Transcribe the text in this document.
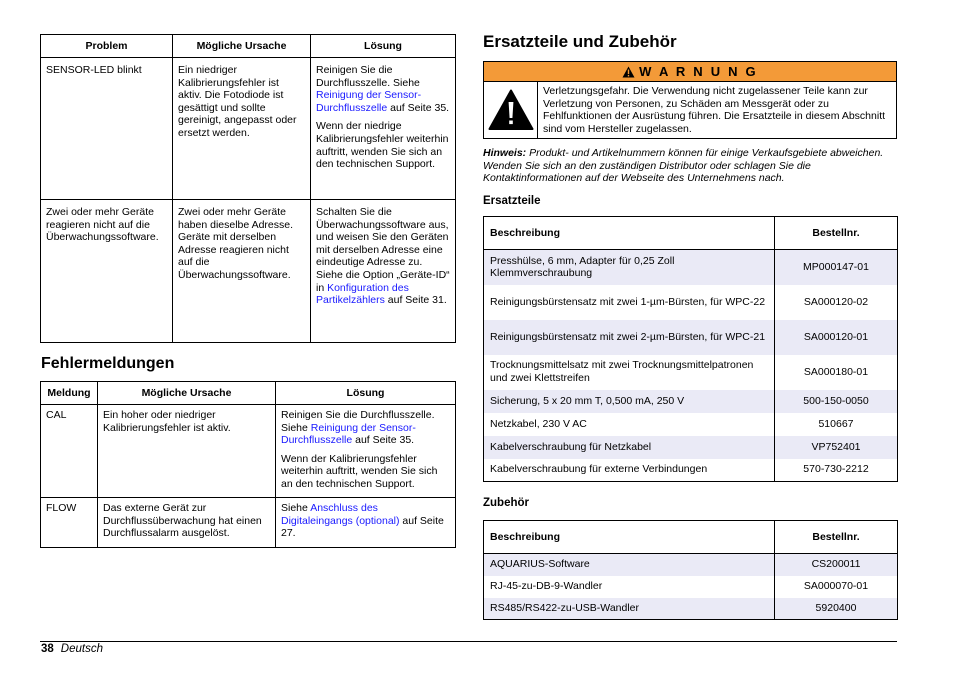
Problem	Mögliche Ursache	Lösung
SENSOR-LED blinkt	Ein niedriger Kalibrierungsfehler ist aktiv. Die Fotodiode ist gesättigt und sollte gereinigt, angepasst oder ersetzt werden.	Reinigen Sie die Durchflusszelle. Siehe Reinigung der Sensor-Durchflusszelle auf Seite 35.

Wenn der niedrige Kalibrierungsfehler weiterhin auftritt, wenden Sie sich an den technischen Support.

Zwei oder mehr Geräte reagieren nicht auf die Überwachungssoftware.	Zwei oder mehr Geräte haben dieselbe Adresse. Geräte mit derselben Adresse reagieren nicht auf die Überwachungssoftware.	Schalten Sie die Überwachungssoftware aus, und weisen Sie den Geräten mit derselben Adresse eine eindeutige Adresse zu. Siehe die Option „Geräte-ID“ in Konfiguration des Partikelzählers auf Seite 31.
Fehlermeldungen
Meldung	Mögliche Ursache	Lösung
CAL	Ein hoher oder niedriger Kalibrierungsfehler ist aktiv.	Reinigen Sie die Durchflusszelle. Siehe Reinigung der Sensor-Durchflusszelle auf Seite 35.

Wenn der Kalibrierungsfehler weiterhin auftritt, wenden Sie sich an den technischen Support.

FLOW	Das externe Gerät zur Durchflussüberwachung hat einen Durchflussalarm ausgelöst.	Siehe Anschluss des Digitaleingangs (optional) auf Seite 27.
Ersatzteile und Zubehör
W A R N U N G
Verletzungsgefahr. Die Verwendung nicht zugelassener Teile kann zur Verletzung von Personen, zu Schäden am Messgerät oder zu Fehlfunktionen der Ausrüstung führen. Die Ersatzteile in diesem Abschnitt sind vom Hersteller zugelassen.
Hinweis: Produkt- und Artikelnummern können für einige Verkaufsgebiete abweichen. Wenden Sie sich an den zuständigen Distributor oder schlagen Sie die Kontaktinformationen auf der Webseite des Unternehmens nach.
Ersatzteile
Beschreibung	Bestellnr.
Presshülse, 6 mm, Adapter für 0,25 Zoll Klemmverschraubung	MP000147-01
Reinigungsbürstensatz mit zwei 1-µm-Bürsten, für WPC-22	SA000120-02
Reinigungsbürstensatz mit zwei 2-µm-Bürsten, für WPC-21	SA000120-01
Trocknungsmittelsatz mit zwei Trocknungsmittelpatronen und zwei Klettstreifen	SA000180-01
Sicherung, 5 x 20 mm T, 0,500 mA, 250 V	500-150-0050
Netzkabel, 230 V AC	510667
Kabelverschraubung für Netzkabel	VP752401
Kabelverschraubung für externe Verbindungen	570-730-2212
Zubehör
Beschreibung	Bestellnr.
AQUARIUS-Software	CS200011
RJ-45-zu-DB-9-Wandler	SA000070-01
RS485/RS422-zu-USB-Wandler	5920400
38 Deutsch
